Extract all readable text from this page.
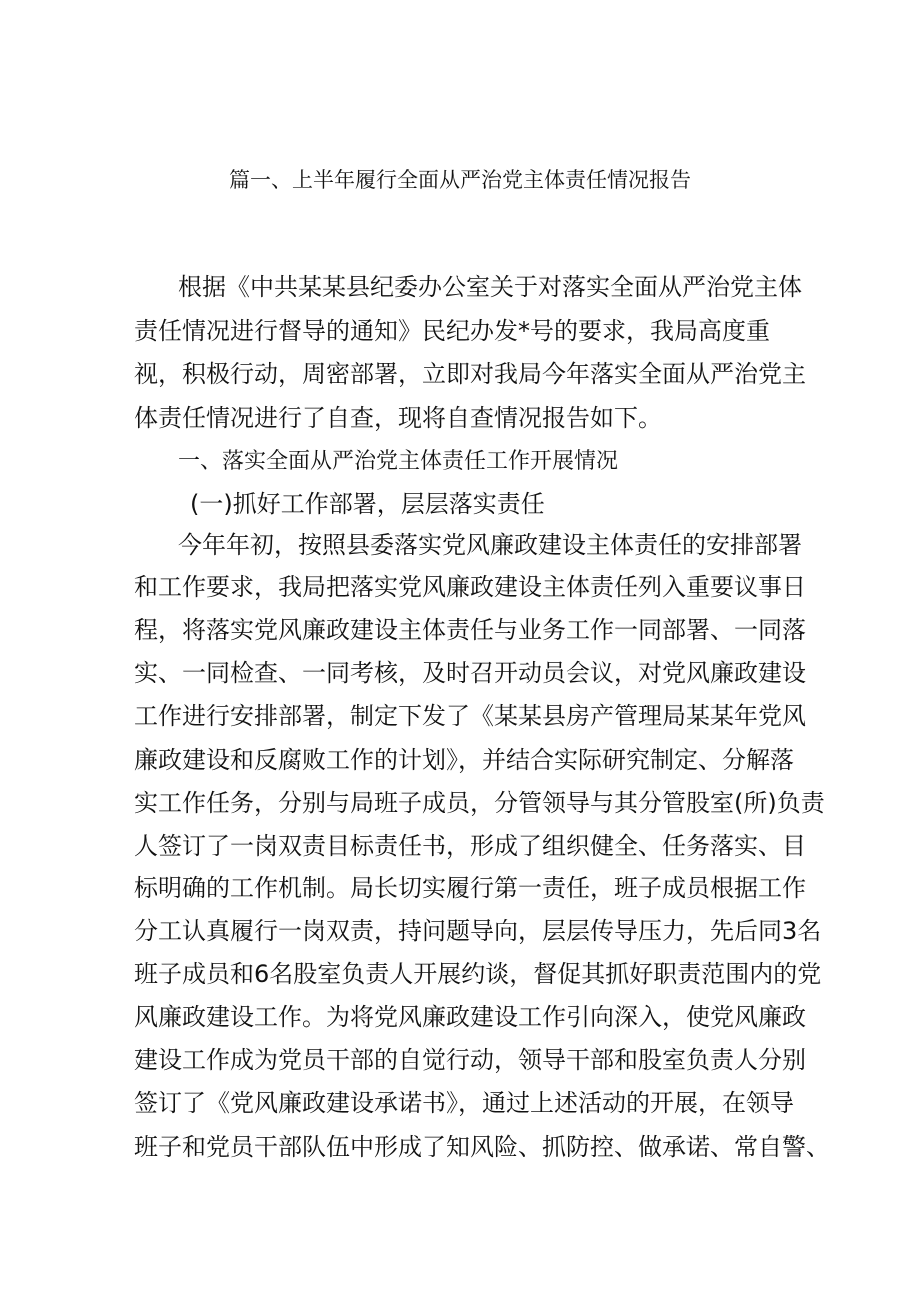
篇一、上半年履行全面从严治党主体责任情况报告
根据《中共某某县纪委办公室关于对落实全面从严治党主体
责任情况进行督导的通知》民纪办发*号的要求，我局高度重
视，积极行动，周密部署，立即对我局今年落实全面从严治党主
体责任情况进行了自查，现将自查情况报告如下。
一、落实全面从严治党主体责任工作开展情况
(一)抓好工作部署，层层落实责任
今年年初，按照县委落实党风廉政建设主体责任的安排部署
和工作要求，我局把落实党风廉政建设主体责任列入重要议事日
程，将落实党风廉政建设主体责任与业务工作一同部署、一同落
实、一同检查、一同考核，及时召开动员会议，对党风廉政建设
工作进行安排部署，制定下发了《某某县房产管理局某某年党风
廉政建设和反腐败工作的计划》，并结合实际研究制定、分解落
实工作任务，分别与局班子成员，分管领导与其分管股室(所)负责
人签订了一岗双责目标责任书，形成了组织健全、任务落实、目
标明确的工作机制。局长切实履行第一责任，班子成员根据工作
分工认真履行一岗双责，持问题导向，层层传导压力，先后同3名
班子成员和6名股室负责人开展约谈，督促其抓好职责范围内的党
风廉政建设工作。为将党风廉政建设工作引向深入，使党风廉政
建设工作成为党员干部的自觉行动，领导干部和股室负责人分别
签订了《党风廉政建设承诺书》，通过上述活动的开展，在领导
班子和党员干部队伍中形成了知风险、抓防控、做承诺、常自警、
